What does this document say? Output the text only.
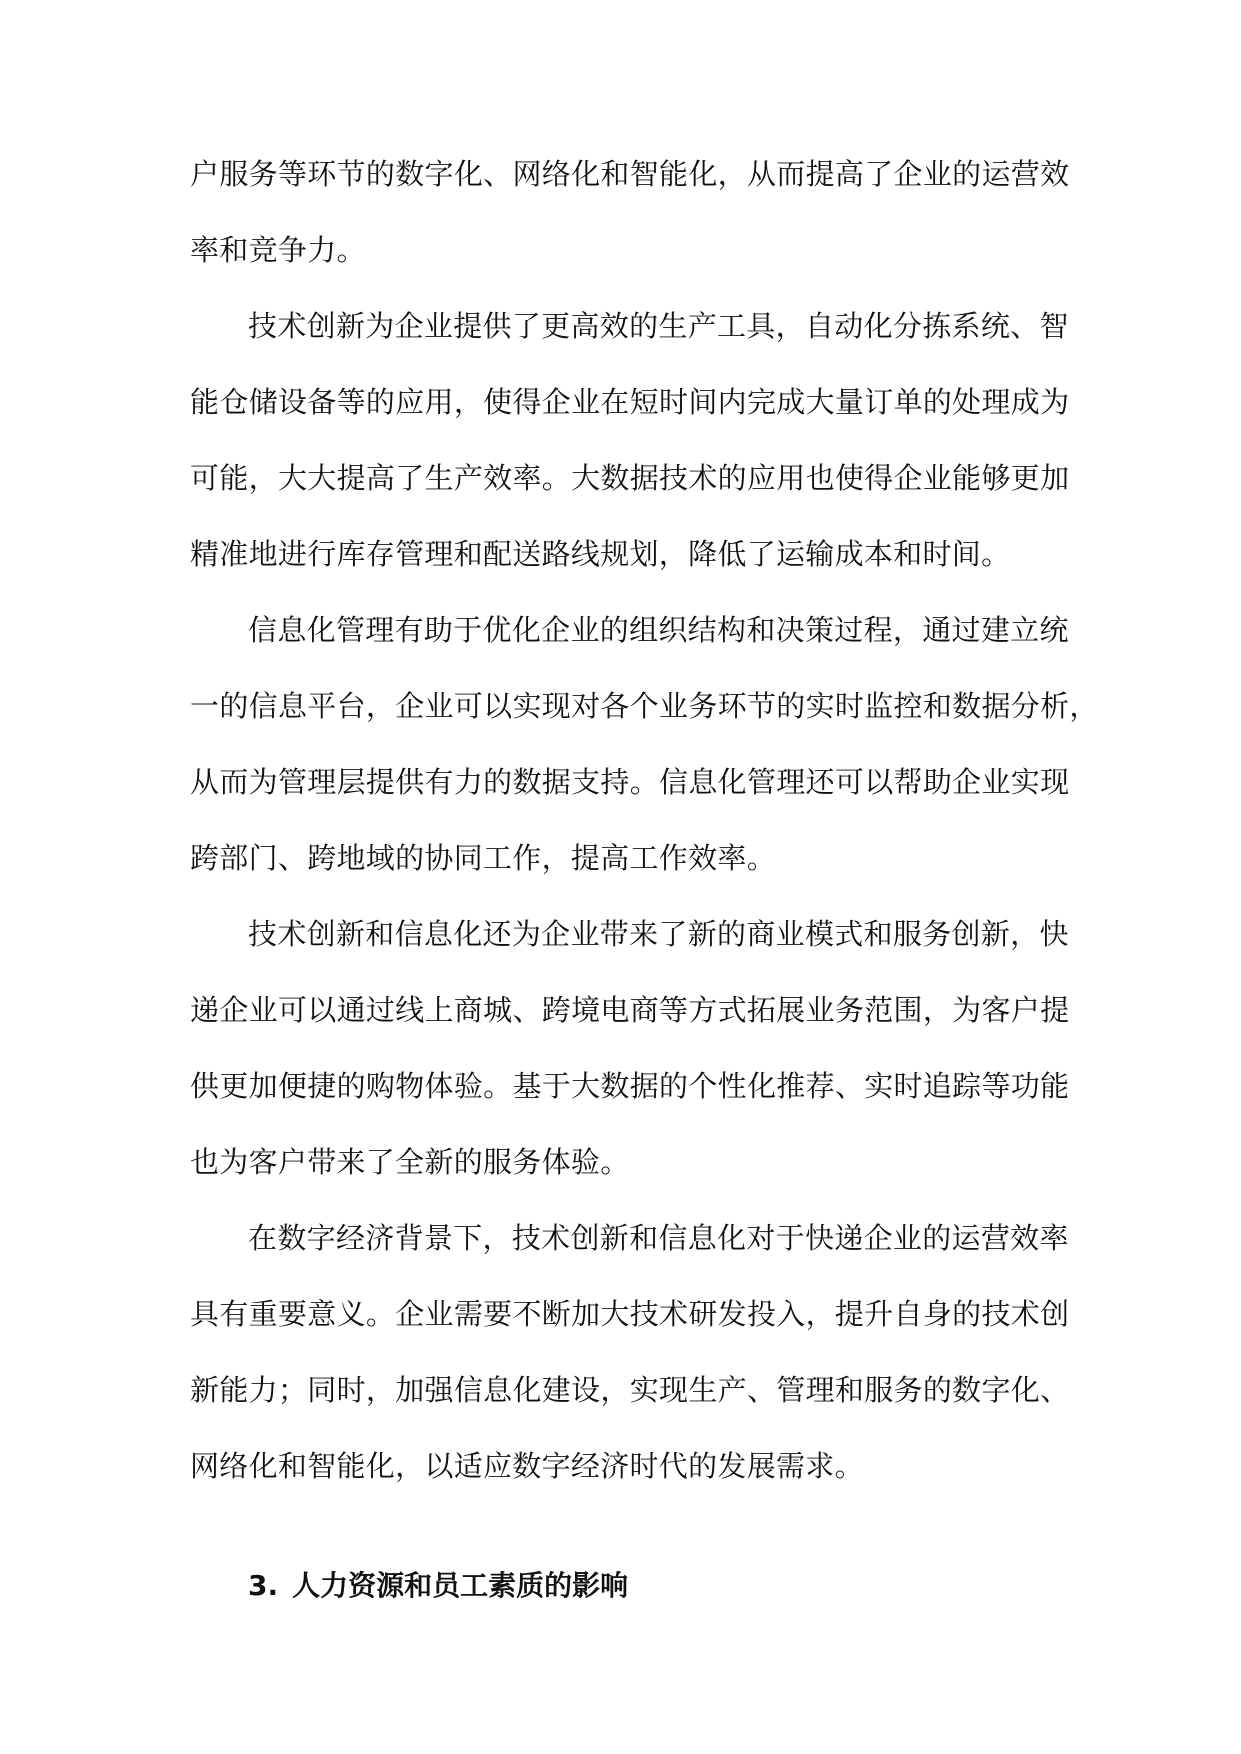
户 服 务 等 环 节 的 数 字 化 、 网 络 化 和 智 能 化 ， 从 而 提 高 了 企 业 的 运 营 效
率和竞争力。
技 术 创 新 为 企 业 提 供 了 更 高 效 的 生 产 工 具 ， 自 动 化 分 拣 系 统 、 智
能 仓 储 设 备 等 的 应 用 ， 使 得 企 业 在 短 时 间 内 完 成 大 量 订 单 的 处 理 成 为
可 能 ， 大 大 提 高 了 生 产 效 率 。 大 数 据 技 术 的 应 用 也 使 得 企 业 能 够 更 加
精准地进行库存管理和配送路线规划，降低了运输成本和时间。
信 息 化 管 理 有 助 于 优 化 企 业 的 组 织 结 构 和 决 策 过 程 ， 通 过 建 立 统
一 的 信 息 平 台 ， 企 业 可 以 实 现 对 各 个 业 务 环 节 的 实 时 监 控 和 数 据 分 析 ，
从 而 为 管 理 层 提 供 有 力 的 数 据 支 持 。 信 息 化 管 理 还 可 以 帮 助 企 业 实 现
跨部门、跨地域的协同工作，提高工作效率。
技 术 创 新 和 信 息 化 还 为 企 业 带 来 了 新 的 商 业 模 式 和 服 务 创 新 ， 快
递 企 业 可 以 通 过 线 上 商 城 、 跨 境 电 商 等 方 式 拓 展 业 务 范 围 ， 为 客 户 提
供 更 加 便 捷 的 购 物 体 验 。 基 于 大 数 据 的 个 性 化 推 荐 、 实 时 追 踪 等 功 能
也为客户带来了全新的服务体验。
在 数 字 经 济 背 景 下 ， 技 术 创 新 和 信 息 化 对 于 快 递 企 业 的 运 营 效 率
具 有 重 要 意 义 。 企 业 需 要 不 断 加 大 技 术 研 发 投 入 ， 提 升 自 身 的 技 术 创
新 能 力 ； 同 时 ， 加 强 信 息 化 建 设 ， 实 现 生 产 、 管 理 和 服 务 的 数 字 化 、
网络化和智能化，以适应数字经济时代的发展需求。
3. 人力资源和员工素质的影响
